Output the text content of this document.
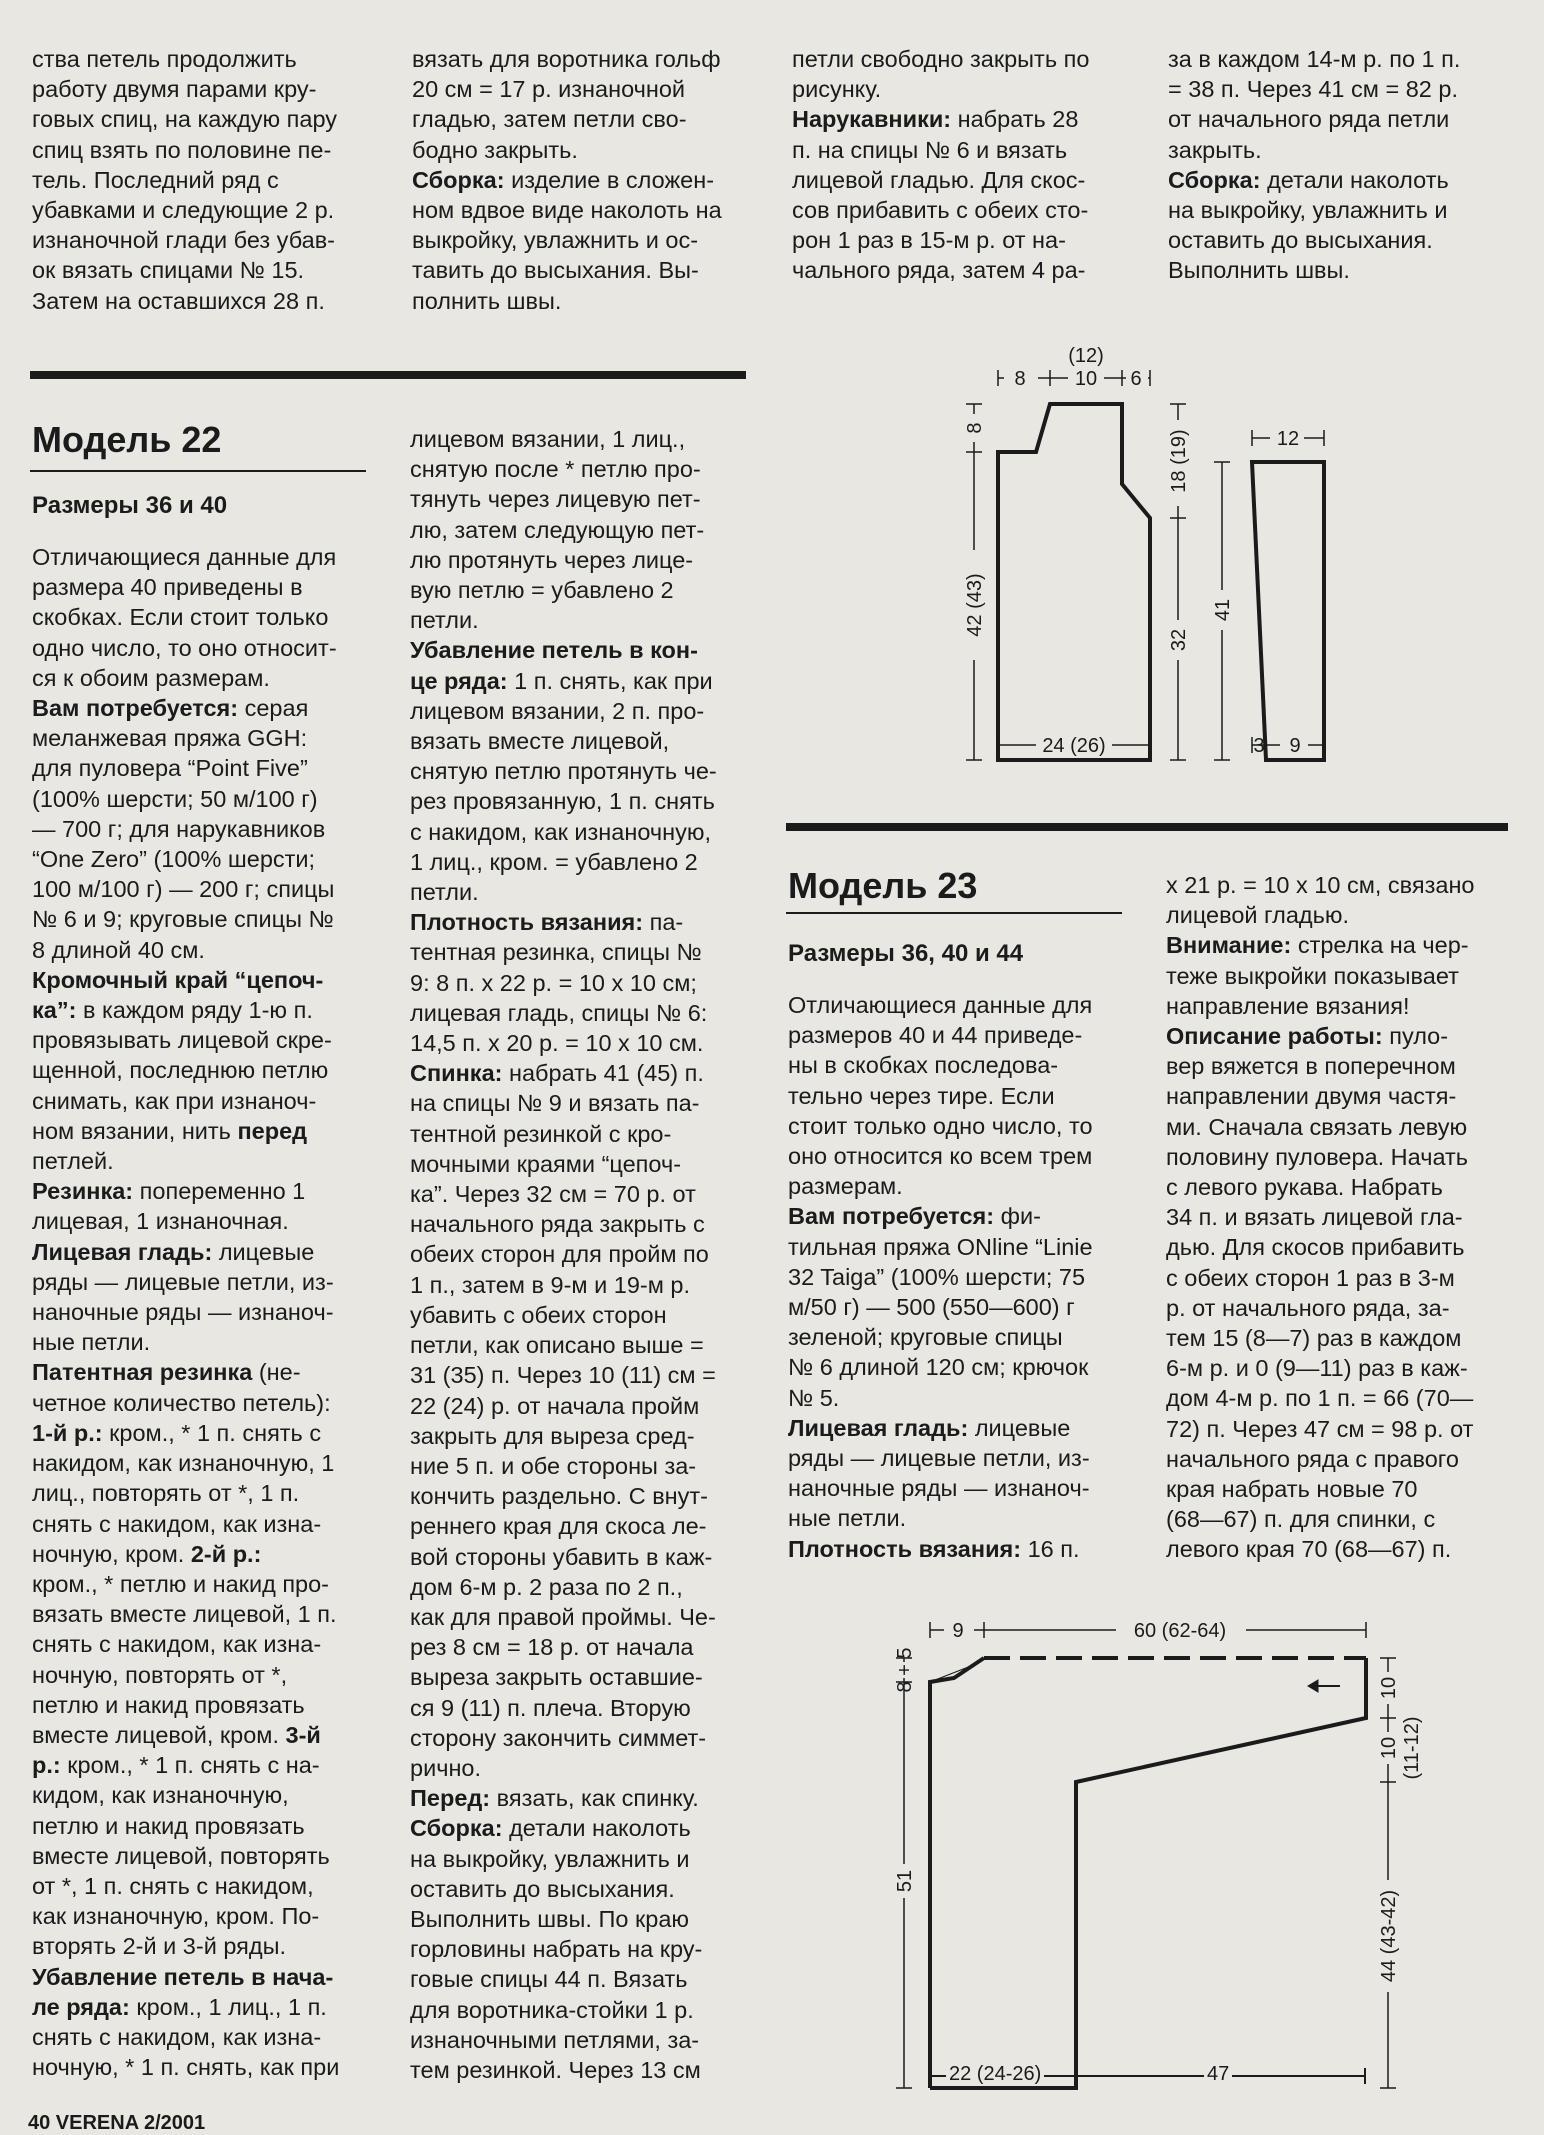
ства петель продолжить

работу двумя парами кру-

говых спиц, на каждую пару

спиц взять по половине пе-

тель. Последний ряд с

убавками и следующие 2 р.

изнаночной глади без убав-

ок вязать спицами № 15.

Затем на оставшихся 28 п.

вязать для воротника гольф

20 см = 17 р. изнаночной

гладью, затем петли сво-

бодно закрыть.

Сборка: изделие в сложен-

ном вдвое виде наколоть на

выкройку, увлажнить и ос-

тавить до высыхания. Вы-

полнить швы.

петли свободно закрыть по

рисунку.

Нарукавники: набрать 28

п. на спицы № 6 и вязать

лицевой гладью. Для скос-

сов прибавить с обеих сто-

рон 1 раз в 15-м р. от на-

чального ряда, затем 4 ра-

за в каждом 14-м р. по 1 п.

= 38 п. Через 41 см = 82 р.

от начального ряда петли

закрыть.

Сборка: детали наколоть

на выкройку, увлажнить и

оставить до высыхания.

Выполнить швы.

Модель 22
Размеры 36 и 40

Отличающиеся данные для

размера 40 приведены в

скобках. Если стоит только

одно число, то оно относит-

ся к обоим размерам.

Вам потребуется: серая

меланжевая пряжа GGH:

для пуловера “Point Five”

(100% шерсти; 50 м/100 г)

— 700 г; для нарукавников

“One Zero” (100% шерсти;

100 м/100 г) — 200 г; спицы

№ 6 и 9; круговые спицы №

8 длиной 40 см.

Кромочный край “цепоч-

ка”: в каждом ряду 1-ю п.

провязывать лицевой скре-

щенной, последнюю петлю

снимать, как при изнаноч-

ном вязании, нить перед

петлей.

Резинка: попеременно 1

лицевая, 1 изнаночная.

Лицевая гладь: лицевые

ряды — лицевые петли, из-

наночные ряды — изнаноч-

ные петли.

Патентная резинка (не-

четное количество петель):

1-й р.: кром., * 1 п. снять с

накидом, как изнаночную, 1

лиц., повторять от *, 1 п.

снять с накидом, как изна-

ночную, кром. 2-й р.:

кром., * петлю и накид про-

вязать вместе лицевой, 1 п.

снять с накидом, как изна-

ночную, повторять от *,

петлю и накид провязать

вместе лицевой, кром. 3-й

р.: кром., * 1 п. снять с на-

кидом, как изнаночную,

петлю и накид провязать

вместе лицевой, повторять

от *, 1 п. снять с накидом,

как изнаночную, кром. По-

вторять 2-й и 3-й ряды.

Убавление петель в нача-

ле ряда: кром., 1 лиц., 1 п.

снять с накидом, как изна-

ночную, * 1 п. снять, как при

лицевом вязании, 1 лиц.,

снятую после * петлю про-

тянуть через лицевую пет-

лю, затем следующую пет-

лю протянуть через лице-

вую петлю = убавлено 2

петли.

Убавление петель в кон-

це ряда: 1 п. снять, как при

лицевом вязании, 2 п. про-

вязать вместе лицевой,

снятую петлю протянуть че-

рез провязанную, 1 п. снять

с накидом, как изнаночную,

1 лиц., кром. = убавлено 2

петли.

Плотность вязания: па-

тентная резинка, спицы №

9: 8 п. х 22 р. = 10 х 10 см;

лицевая гладь, спицы № 6:

14,5 п. х 20 р. = 10 х 10 см.

Спинка: набрать 41 (45) п.

на спицы № 9 и вязать па-

тентной резинкой с кро-

мочными краями “цепоч-

ка”. Через 32 см = 70 р. от

начального ряда закрыть с

обеих сторон для пройм по

1 п., затем в 9-м и 19-м р.

убавить с обеих сторон

петли, как описано выше =

31 (35) п. Через 10 (11) см =

22 (24) р. от начала пройм

закрыть для выреза сред-

ние 5 п. и обе стороны за-

кончить раздельно. С внут-

реннего края для скоса ле-

вой стороны убавить в каж-

дом 6-м р. 2 раза по 2 п.,

как для правой проймы. Че-

рез 8 см = 18 р. от начала

выреза закрыть оставшие-

ся 9 (11) п. плеча. Вторую

сторону закончить симмет-

рично.

Перед: вязать, как спинку.

Сборка: детали наколоть

на выкройку, увлажнить и

оставить до высыхания.

Выполнить швы. По краю

горловины набрать на кру-

говые спицы 44 п. Вязать

для воротника-стойки 1 р.

изнаночными петлями, за-

тем резинкой. Через 13 см

8 10 6
(12)
8
42 (43)
18 (19)
32
24 (26)
12
41
3 9
Модель 23
Размеры 36, 40 и 44

Отличающиеся данные для

размеров 40 и 44 приведе-

ны в скобках последова-

тельно через тире. Если

стоит только одно число, то

оно относится ко всем трем

размерам.

Вам потребуется: фи-

тильная пряжа ONline “Linie

32 Taiga” (100% шерсти; 75

м/50 г) — 500 (550—600) г

зеленой; круговые спицы

№ 6 длиной 120 см; крючок

№ 5.

Лицевая гладь: лицевые

ряды — лицевые петли, из-

наночные ряды — изнаноч-

ные петли.

Плотность вязания: 16 п.

х 21 р. = 10 х 10 см, связано

лицевой гладью.

Внимание: стрелка на чер-

теже выкройки показывает

направление вязания!

Описание работы: пуло-

вер вяжется в поперечном

направлении двумя частя-

ми. Сначала связать левую

половину пуловера. Начать

с левого рукава. Набрать

34 п. и вязать лицевой гла-

дью. Для скосов прибавить

с обеих сторон 1 раз в 3-м

р. от начального ряда, за-

тем 15 (8—7) раз в каждом

6-м р. и 0 (9—11) раз в каж-

дом 4-м р. по 1 п. = 66 (70—

72) п. Через 47 см = 98 р. от

начального ряда с правого

края набрать новые 70

(68—67) п. для спинки, с

левого края 70 (68—67) п.

9	60 (62-64)
8 + 5
51
10
10 (11-12)
44 (43-42)
22 (24-26)	47
40 VERENA 2/2001
